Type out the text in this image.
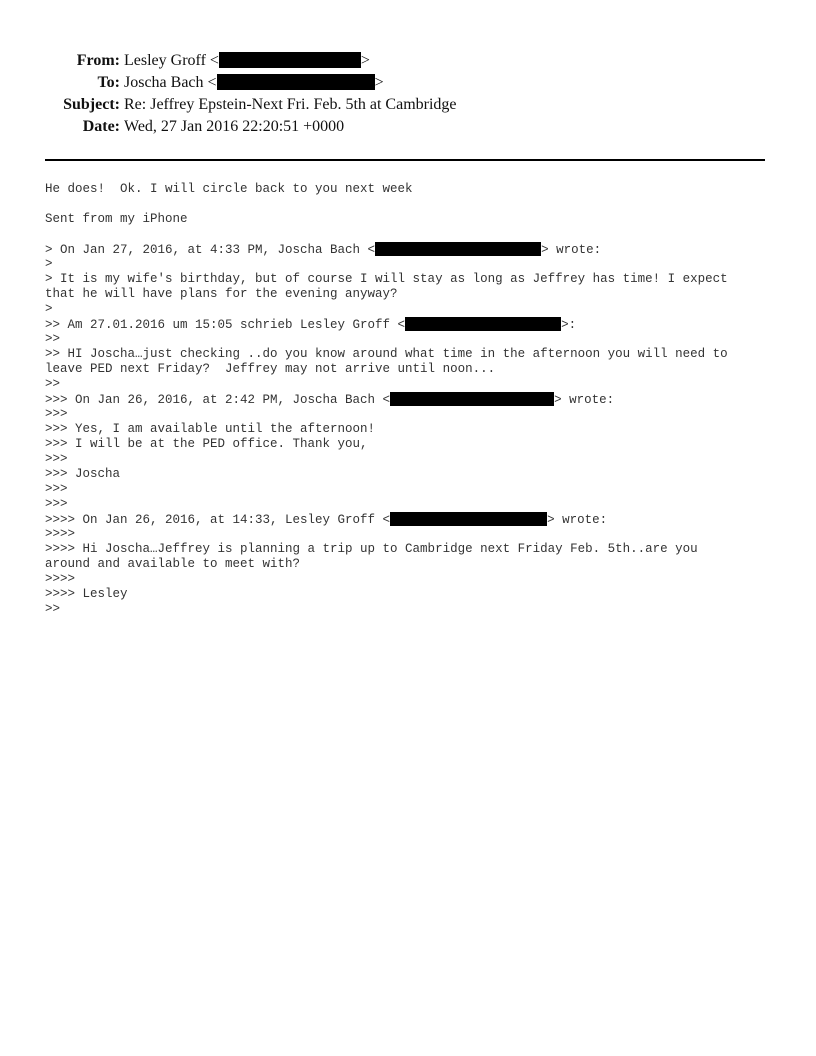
From: Lesley Groff <	>
To: Joscha Bach <	>
Subject: Re: Jeffrey Epstein-Next Fri. Feb. 5th at Cambridge
Date: Wed, 27 Jan 2016 22:20:51 +0000
He does!  Ok. I will circle back to you next week
Sent from my iPhone
> On Jan 27, 2016, at 4:33 PM, Joscha Bach <	> wrote:
>
> It is my wife's birthday, but of course I will stay as long as Jeffrey has time! I expect
that he will have plans for the evening anyway?
>
>> Am 27.01.2016 um 15:05 schrieb Lesley Groff <	>:
>>
>> HI Joscha…just checking ..do you know around what time in the afternoon you will need to
leave PED next Friday?  Jeffrey may not arrive until noon...
>>
>>> On Jan 26, 2016, at 2:42 PM, Joscha Bach <	> wrote:
>>>
>>> Yes, I am available until the afternoon!
>>> I will be at the PED office. Thank you,
>>>
>>> Joscha
>>>
>>>
>>>> On Jan 26, 2016, at 14:33, Lesley Groff <	> wrote:
>>>>
>>>> Hi Joscha…Jeffrey is planning a trip up to Cambridge next Friday Feb. 5th..are you
around and available to meet with?
>>>>
>>>> Lesley
>>
